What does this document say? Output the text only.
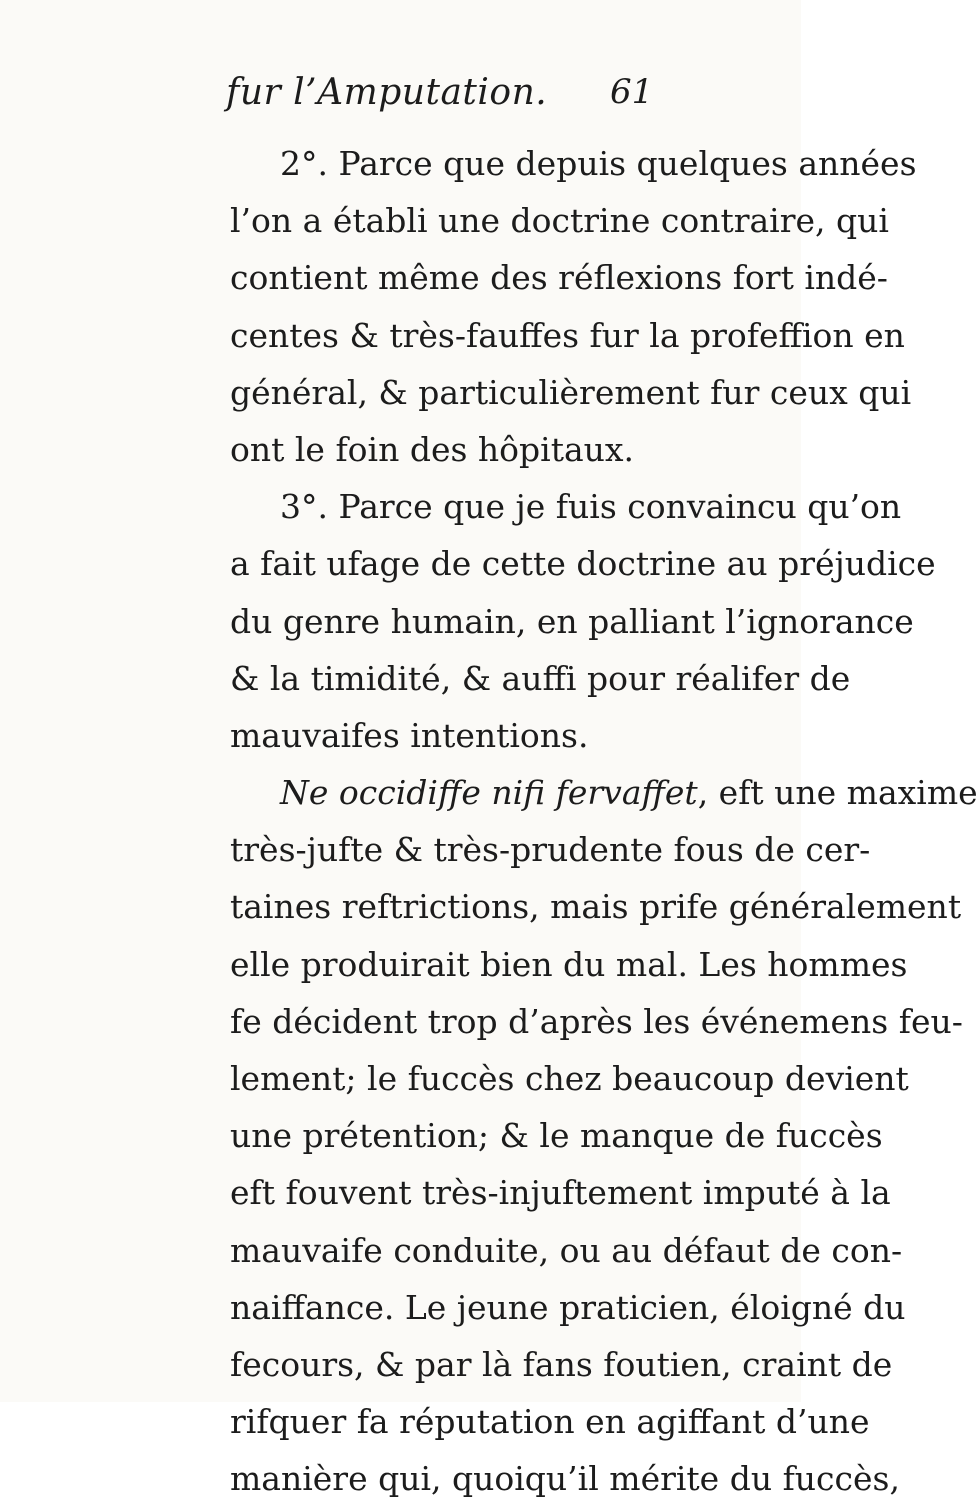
fur l’Amputation. 61
2°. Parce que depuis quelques années
l’on a établi une doctrine contraire, qui
contient même des réflexions fort indé-
centes & très-fauffes fur la profeffion en
général, & particulièrement fur ceux qui
ont le foin des hôpitaux.
3°. Parce que je fuis convaincu qu’on
a fait ufage de cette doctrine au préjudice
du genre humain, en palliant l’ignorance
& la timidité, & auffi pour réalifer de
mauvaifes intentions.
Ne occidiffe nifi fervaffet, eft une maxime
très-jufte & très-prudente fous de cer-
taines reftrictions, mais prife généralement
elle produirait bien du mal. Les hommes
fe décident trop d’après les événemens feu-
lement; le fuccès chez beaucoup devient
une prétention; & le manque de fuccès
eft fouvent très-injuftement imputé à la
mauvaife conduite, ou au défaut de con-
naiffance. Le jeune praticien, éloigné du
fecours, & par là fans foutien, craint de
rifquer fa réputation en agiffant d’une
manière qui, quoiqu’il mérite du fuccès,
